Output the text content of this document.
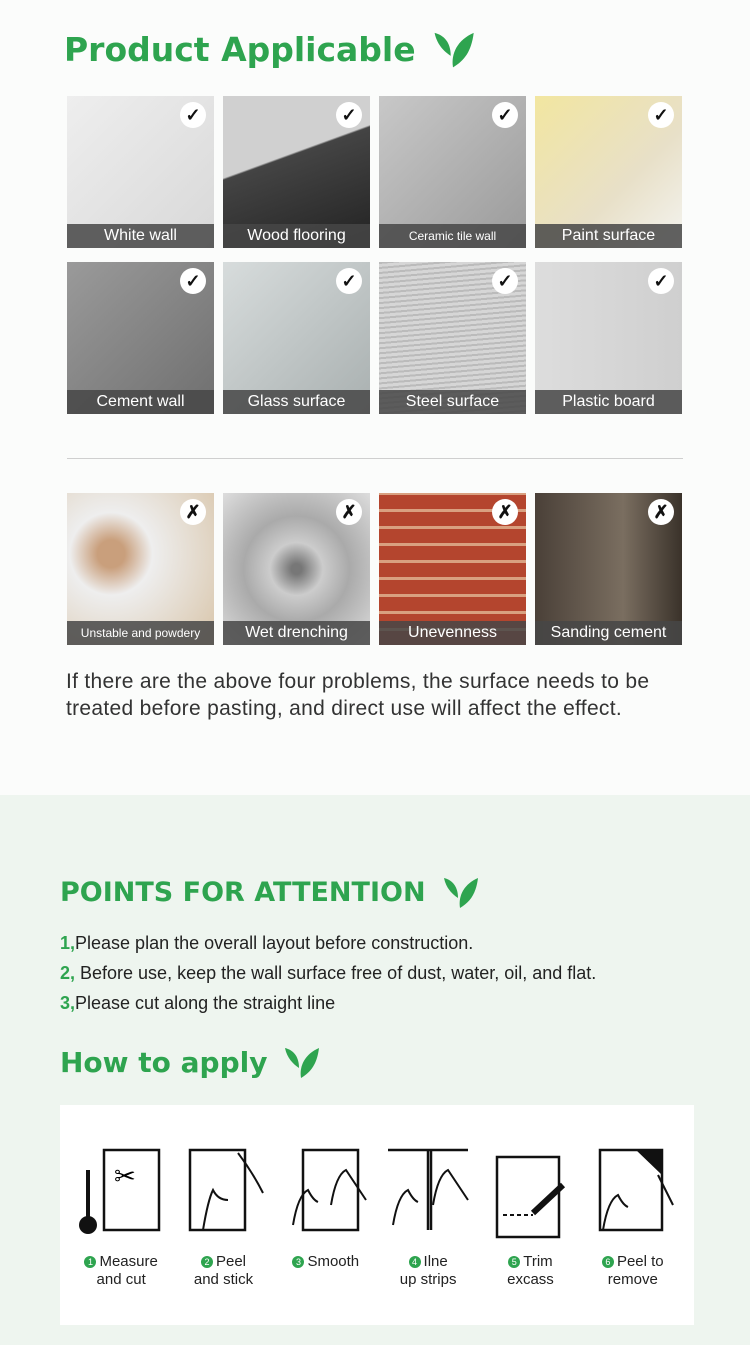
Product Applicable
✓
White wall
✓
Wood flooring
✓
Ceramic tile wall
✓
Paint surface
✓
Cement wall
✓
Glass surface
✓
Steel surface
✓
Plastic board
✗
Unstable and powdery
✗
Wet drenching
✗
Unevenness
✗
Sanding cement

If there are the above four problems, the surface needs to be treated before pasting, and direct use will affect the effect.

POINTS FOR ATTENTION
1,Please plan the overall layout before construction.
2, Before use, keep the wall surface free of dust, water, oil, and flat.
3,Please cut along the straight line
How to apply
✂
1 Measure
and cut
2 Peel
and stick
3 Smooth	4 Ilne
up strips
5 Trim
excass
6 Peel to
remove
